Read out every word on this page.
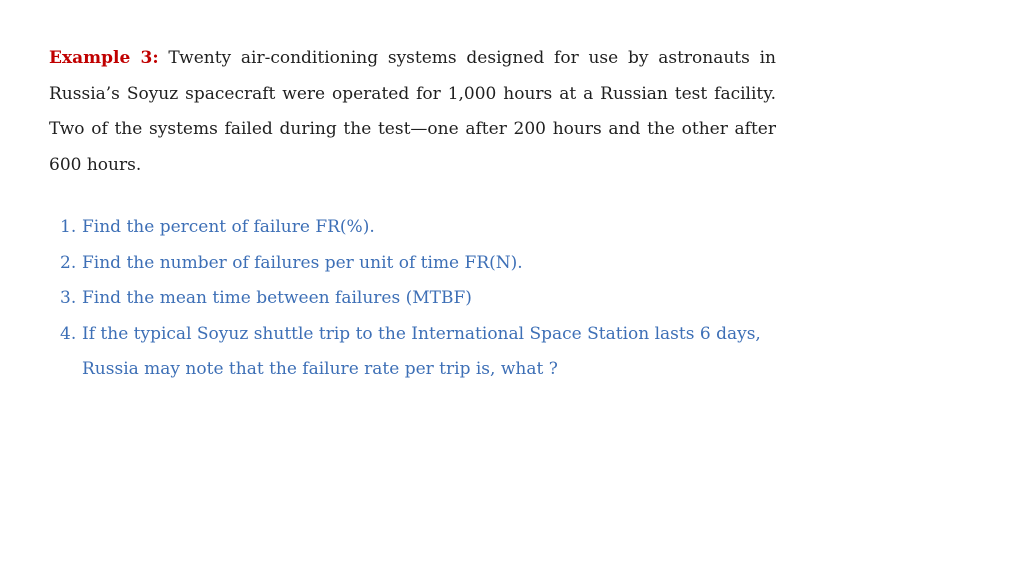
Example 3: Twenty air-conditioning systems designed for use by astronauts in Russia’s Soyuz spacecraft were operated for 1,000 hours at a Russian test facility. Two of the systems failed during the test—one after 200 hours and the other after 600 hours.

1. Find the percent of failure FR(%).
2. Find the number of failures per unit of time FR(N).
3. Find the mean time between failures (MTBF)
4. If the typical Soyuz shuttle trip to the International Space Station lasts 6 days, Russia may note that the failure rate per trip is, what ?
